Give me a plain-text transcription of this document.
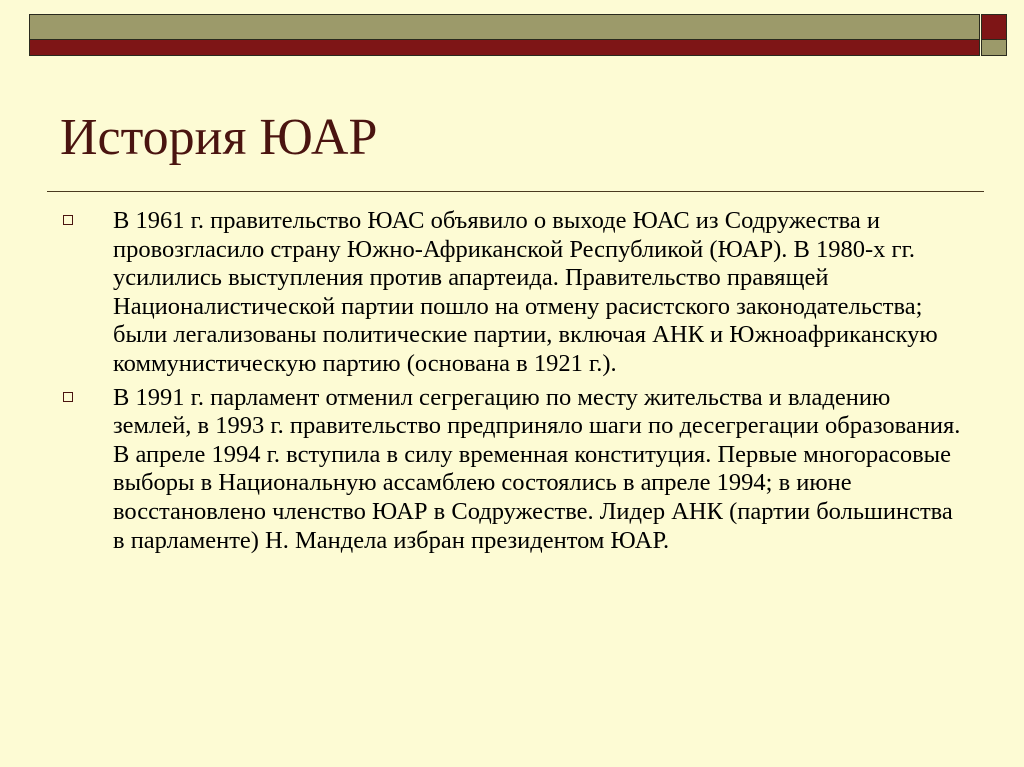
История ЮАР
В 1961 г. правительство ЮАС объявило о выходе ЮАС из Содружества и провозгласило страну Южно-Африканской Республикой (ЮАР). В 1980-х гг. усилились выступления против апартеида. Правительство правящей Националистической партии пошло на отмену расистского законодательства; были легализованы политические партии, включая АНК и Южноафриканскую коммунистическую партию (основана в 1921 г.).
В 1991 г. парламент отменил сегрегацию по месту жительства и владению землей, в 1993 г. правительство предприняло шаги по десегрегации образования. В апреле 1994 г. вступила в силу временная конституция. Первые многорасовые выборы в Национальную ассамблею состоялись в апреле 1994; в июне восстановлено членство ЮАР в Содружестве. Лидер АНК (партии большинства в парламенте) Н. Мандела избран президентом ЮАР.
